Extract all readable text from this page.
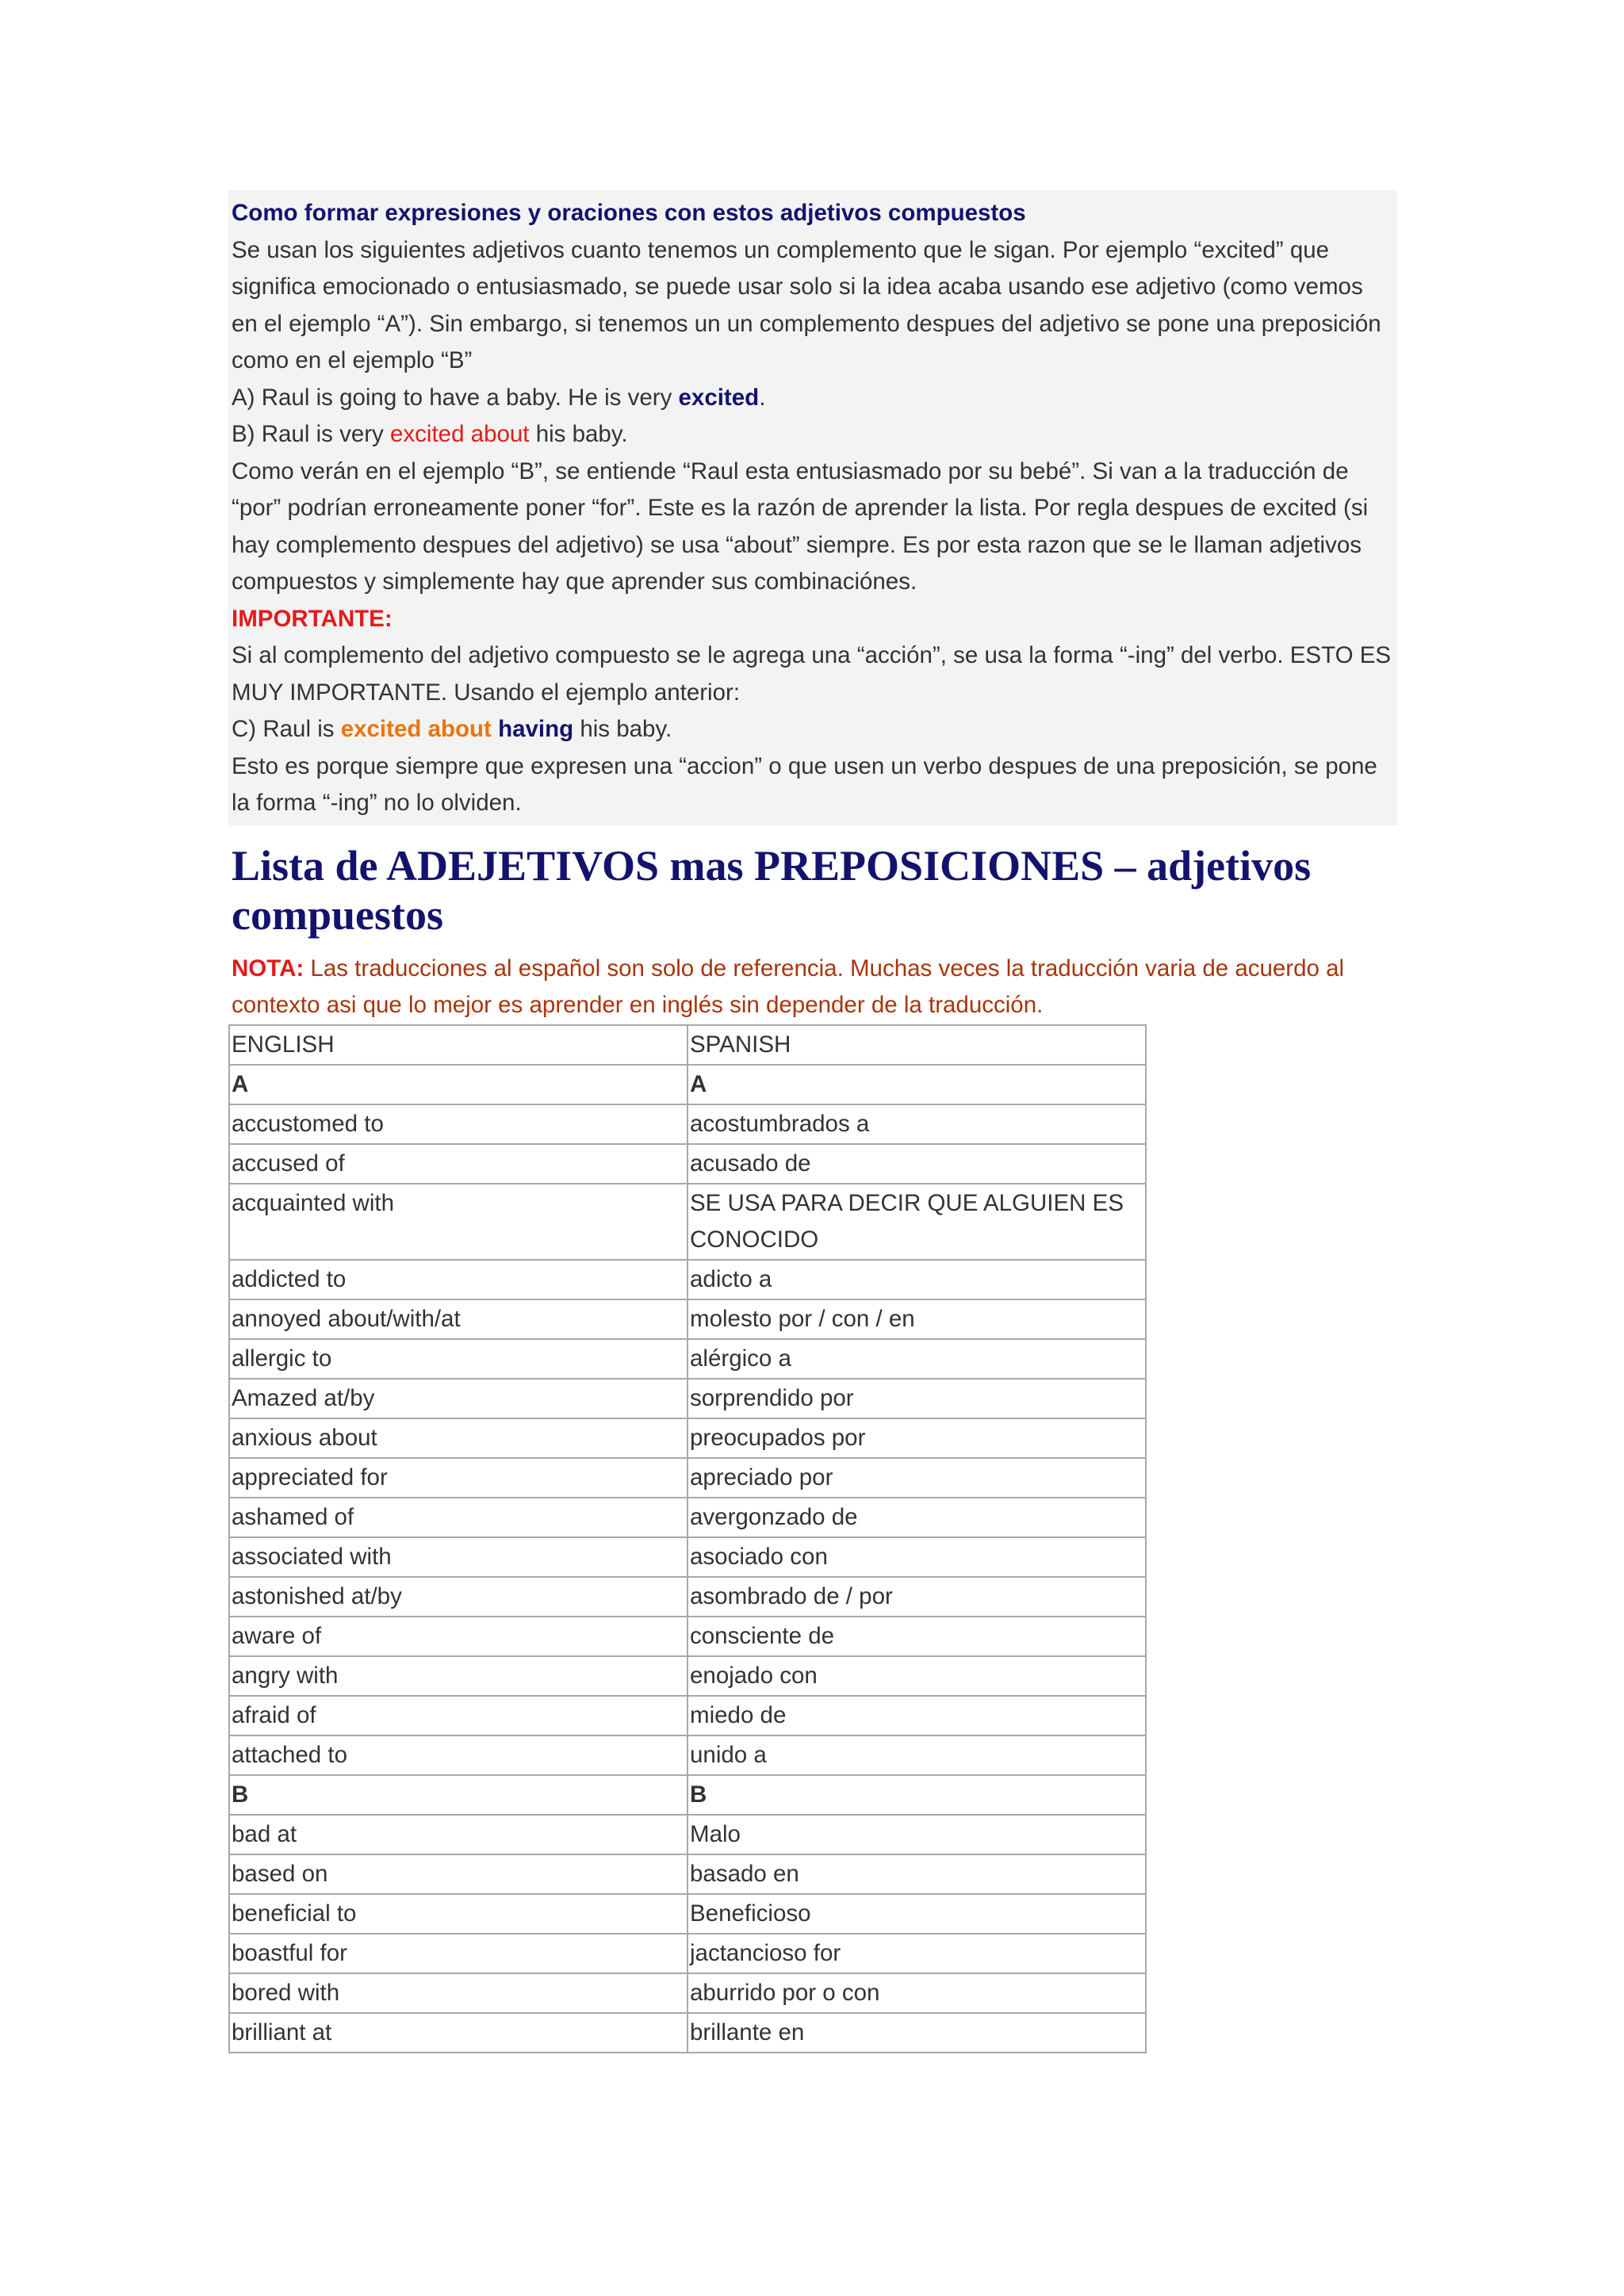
Como formar expresiones y oraciones con estos adjetivos compuestos

Se usan los siguientes adjetivos cuanto tenemos un complemento que le sigan. Por ejemplo “excited” que significa emocionado o entusiasmado, se puede usar solo si la idea acaba usando ese adjetivo (como vemos en el ejemplo “A”). Sin embargo, si tenemos un un complemento despues del adjetivo se pone una preposición como en el ejemplo “B”

A) Raul is going to have a baby. He is very excited.

B) Raul is very excited about his baby.

Como verán en el ejemplo “B”, se entiende “Raul esta entusiasmado por su bebé”. Si van a la traducción de “por” podrían erroneamente poner “for”. Este es la razón de aprender la lista. Por regla despues de excited (si hay complemento despues del adjetivo) se usa “about” siempre. Es por esta razon que se le llaman adjetivos compuestos y simplemente hay que aprender sus combinaciónes.

IMPORTANTE:

Si al complemento del adjetivo compuesto se le agrega una “acción”, se usa la forma “-ing” del verbo. ESTO ES MUY IMPORTANTE. Usando el ejemplo anterior:

C) Raul is excited about having his baby.

Esto es porque siempre que expresen una “accion” o que usen un verbo despues de una preposición, se pone la forma “-ing” no lo olviden.

Lista de ADEJETIVOS mas PREPOSICIONES – adjetivos compuestos

NOTA: Las traducciones al español son solo de referencia. Muchas veces la traducción varia de acuerdo al contexto asi que lo mejor es aprender en inglés sin depender de la traducción.

ENGLISH	SPANISH
A	A
accustomed to	acostumbrados a
accused of	acusado de
acquainted with	SE USA PARA DECIR QUE ALGUIEN ES CONOCIDO
addicted to	adicto a
annoyed about/with/at	molesto por / con / en
allergic to	alérgico a
Amazed at/by	sorprendido por
anxious about	preocupados por
appreciated for	apreciado por
ashamed of	avergonzado de
associated with	asociado con
astonished at/by	asombrado de / por
aware of	consciente de
angry with	enojado con
afraid of	miedo de
attached to	unido a
B	B
bad at	Malo
based on	basado en
beneficial to	Beneficioso
boastful for	jactancioso for
bored with	aburrido por o con
brilliant at	brillante en
